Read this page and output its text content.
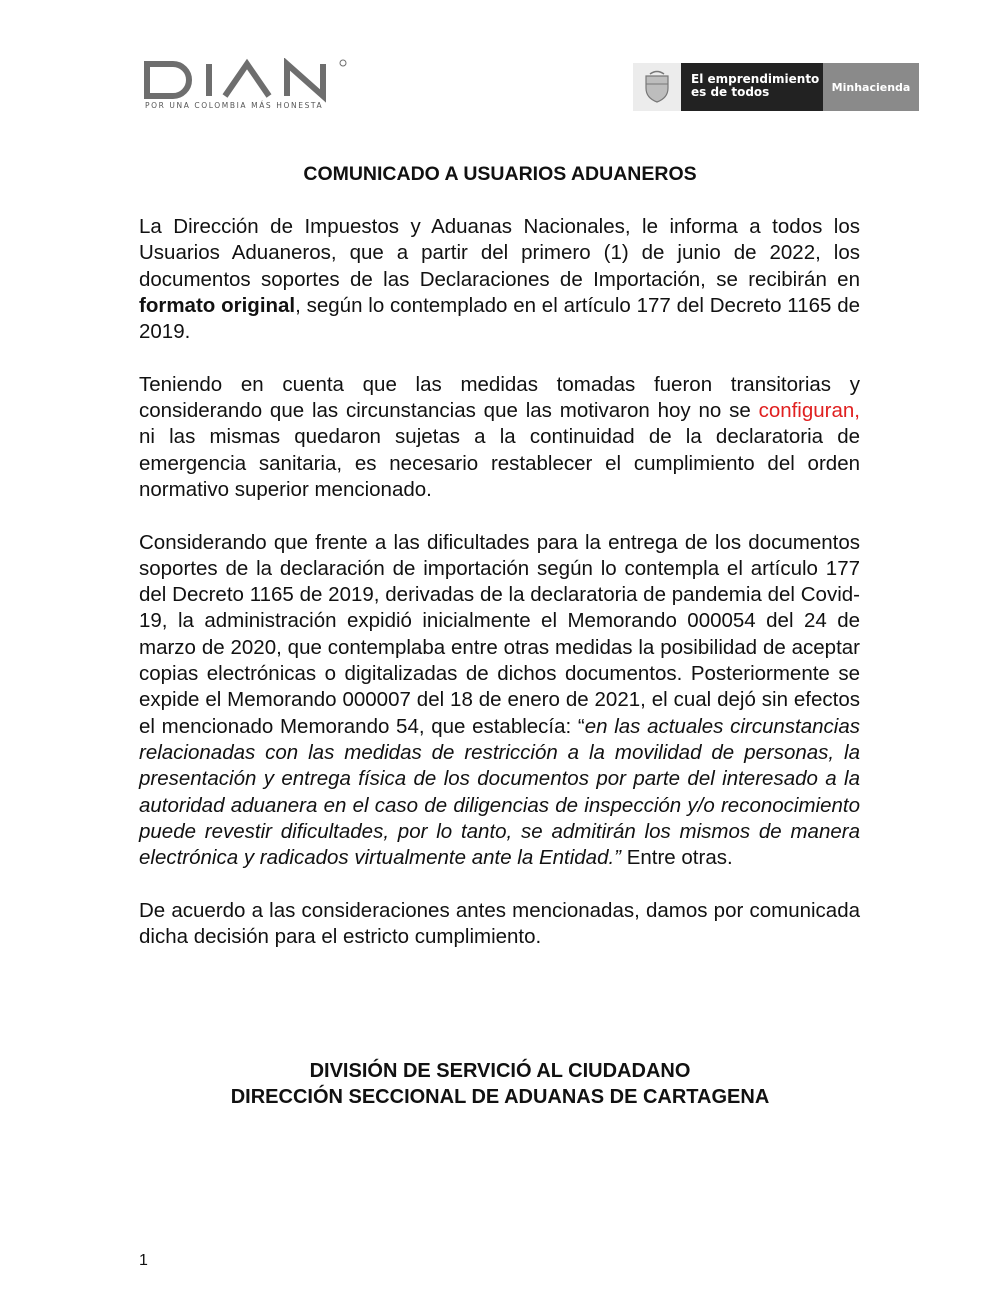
POR UNA COLOMBIA MÁS HONESTA
El emprendimiento
es de todos	Minhacienda
COMUNICADO A USUARIOS ADUANEROS

La Dirección de Impuestos y Aduanas Nacionales, le informa a todos los Usuarios Aduaneros, que a partir del primero (1) de junio de 2022, los documentos soportes de las Declaraciones de Importación, se recibirán en formato original, según lo contemplado en el artículo 177 del Decreto 1165 de 2019.

Teniendo en cuenta que las medidas tomadas fueron transitorias y considerando que las circunstancias que las motivaron hoy no se configuran, ni las mismas quedaron sujetas a la continuidad de la declaratoria de emergencia sanitaria, es necesario restablecer el cumplimiento del orden normativo superior mencionado.

Considerando que frente a las dificultades para la entrega de los documentos soportes de la declaración de importación según lo contempla el artículo 177 del Decreto 1165 de 2019, derivadas de la declaratoria de pandemia del Covid-19, la administración expidió inicialmente el Memorando 000054 del 24 de marzo de 2020, que contemplaba entre otras medidas la posibilidad de aceptar copias electrónicas o digitalizadas de dichos documentos. Posteriormente se expide el Memorando 000007 del 18 de enero de 2021, el cual dejó sin efectos el mencionado Memorando 54, que establecía: “en las actuales circunstancias relacionadas con las medidas de restricción a la movilidad de personas, la presentación y entrega física de los documentos por parte del interesado a la autoridad aduanera en el caso de diligencias de inspección y/o reconocimiento puede revestir dificultades, por lo tanto, se admitirán los mismos de manera electrónica y radicados virtualmente ante la Entidad.” Entre otras.

De acuerdo a las consideraciones antes mencionadas, damos por comunicada dicha decisión para el estricto cumplimiento.

DIVISIÓN DE SERVICIÓ AL CIUDADANO
DIRECCIÓN SECCIONAL DE ADUANAS DE CARTAGENA
1
